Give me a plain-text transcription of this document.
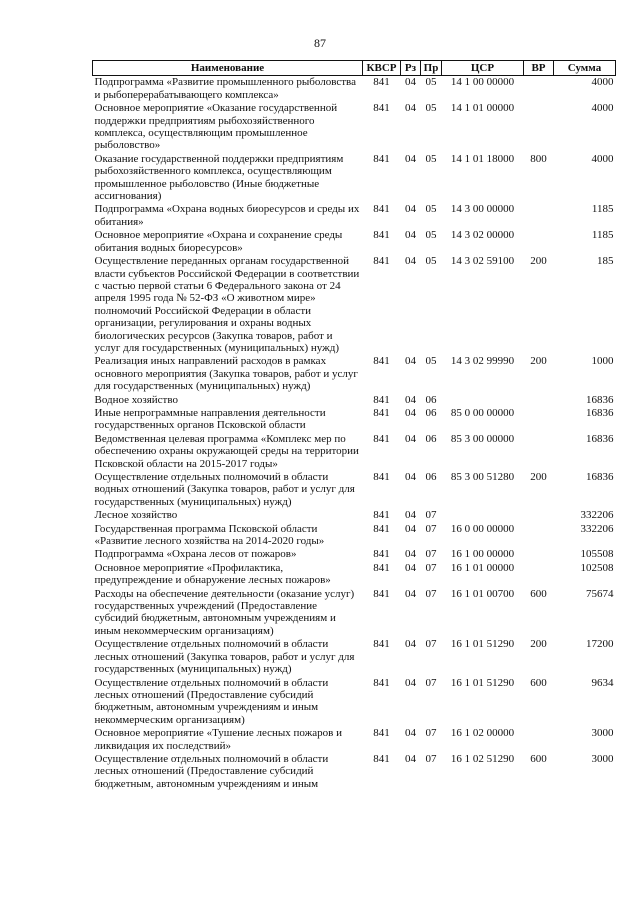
87
Наименование	КВСР	Рз	Пр	ЦСР	ВР	Сумма
Подпрограмма «Развитие промышленного рыболовства и рыбоперерабатывающего комплекса»	841	04	05	14 1 00 00000		4000
Основное мероприятие «Оказание государственной поддержки предприятиям рыбохозяйственного комплекса, осуществляющим промышленное рыболовство»	841	04	05	14 1 01 00000		4000
Оказание государственной поддержки предприятиям рыбохозяйственного комплекса, осуществляющим промышленное рыболовство (Иные бюджетные ассигнования)	841	04	05	14 1 01 18000	800	4000
Подпрограмма «Охрана водных биоресурсов и среды их обитания»	841	04	05	14 3 00 00000		1185
Основное мероприятие «Охрана и сохранение среды обитания водных биоресурсов»	841	04	05	14 3 02 00000		1185
Осуществление переданных органам государственной власти субъектов Российской Федерации в соответствии с частью первой статьи 6 Федерального закона от 24 апреля 1995 года № 52-ФЗ «О животном мире» полномочий Российской Федерации в области организации, регулирования и охраны водных биологических ресурсов (Закупка товаров, работ и услуг для государственных (муниципальных) нужд)	841	04	05	14 3 02 59100	200	185
Реализация иных направлений расходов в рамках основного мероприятия (Закупка товаров, работ и услуг для государственных (муниципальных) нужд)	841	04	05	14 3 02 99990	200	1000
Водное хозяйство	841	04	06			16836
Иные непрограммные направления деятельности государственных органов Псковской области	841	04	06	85 0 00 00000		16836
Ведомственная целевая программа «Комплекс мер по обеспечению охраны окружающей среды на территории Псковской области на 2015-2017 годы»	841	04	06	85 3 00 00000		16836
Осуществление отдельных полномочий в области водных отношений (Закупка товаров, работ и услуг для государственных (муниципальных) нужд)	841	04	06	85 3 00 51280	200	16836
Лесное хозяйство	841	04	07			332206
Государственная программа Псковской области «Развитие лесного хозяйства на 2014-2020 годы»	841	04	07	16 0 00 00000		332206
Подпрограмма «Охрана лесов от пожаров»	841	04	07	16 1 00 00000		105508
Основное мероприятие «Профилактика, предупреждение и обнаружение лесных пожаров»	841	04	07	16 1 01 00000		102508
Расходы на обеспечение деятельности (оказание услуг) государственных учреждений (Предоставление субсидий бюджетным, автономным учреждениям и иным некоммерческим организациям)	841	04	07	16 1 01 00700	600	75674
Осуществление отдельных полномочий в области лесных отношений (Закупка товаров, работ и услуг для государственных (муниципальных) нужд)	841	04	07	16 1 01 51290	200	17200
Осуществление отдельных полномочий в области лесных отношений (Предоставление субсидий бюджетным, автономным учреждениям и иным некоммерческим организациям)	841	04	07	16 1 01 51290	600	9634
Основное мероприятие «Тушение лесных пожаров и ликвидация их последствий»	841	04	07	16 1 02 00000		3000
Осуществление отдельных полномочий в области лесных отношений (Предоставление субсидий бюджетным, автономным учреждениям и иным	841	04	07	16 1 02 51290	600	3000
